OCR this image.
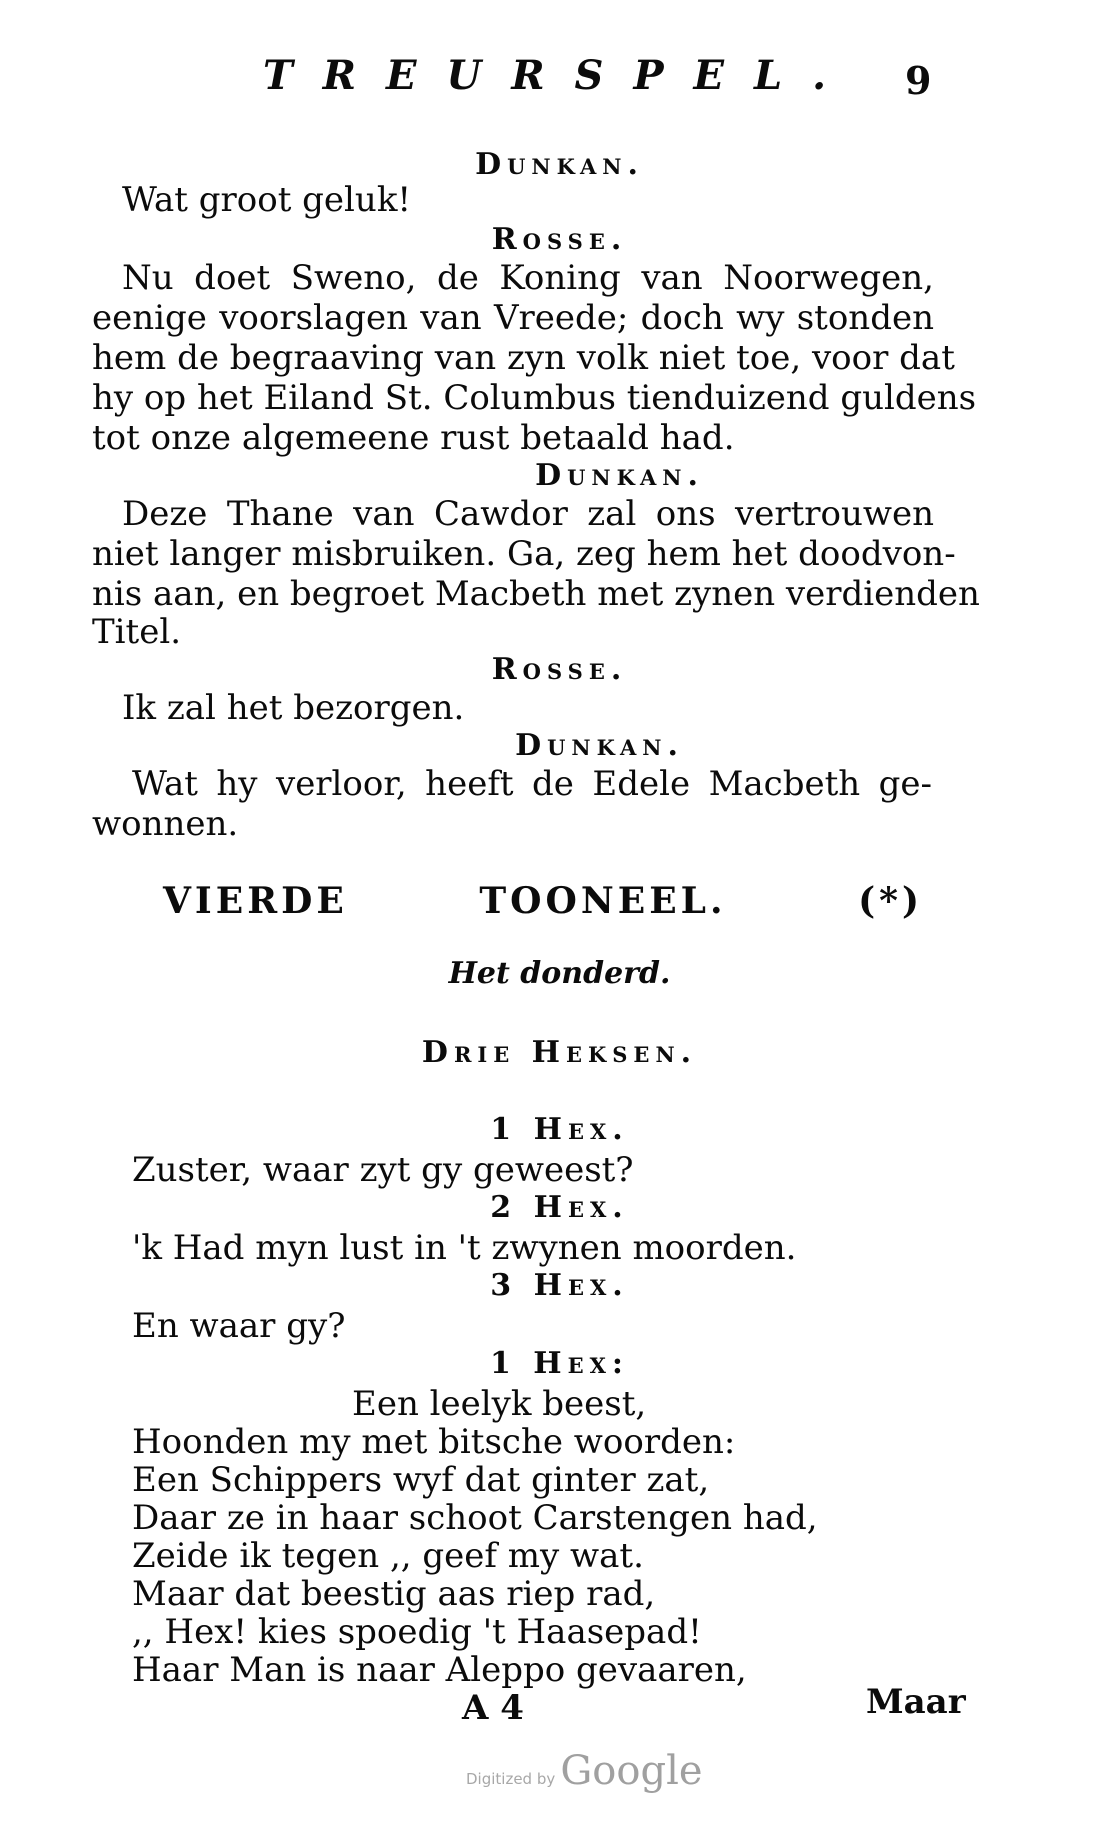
TREURSPEL.	9
Dunkan.
Wat groot geluk!
Rosse.
Nu doet Sweno, de Koning van Noorwegen,
eenige voorslagen van Vreede; doch wy stonden
hem de begraaving van zyn volk niet toe, voor dat
hy op het Eiland St. Columbus tienduizend guldens
tot onze algemeene rust betaald had.
Dunkan.
Deze Thane van Cawdor zal ons vertrouwen
niet langer misbruiken. Ga, zeg hem het doodvon-
nis aan, en begroet Macbeth met zynen verdienden
Titel.
Rosse.
Ik zal het bezorgen.
Dunkan.
Wat hy verloor, heeft de Edele Macbeth ge-
wonnen.
VIERDE TOONEEL. (*)
Het donderd.
Drie Heksen.
1 Hex.
Zuster, waar zyt gy geweest?
2 Hex.
'k Had myn lust in 't zwynen moorden.
3 Hex.
En waar gy?
1 Hex:
Een leelyk beest,
Hoonden my met bitsche woorden:
Een Schippers wyf dat ginter zat,
Daar ze in haar schoot Carstengen had,
Zeide ik tegen ,, geef my wat.
Maar dat beestig aas riep rad,
,, Hex! kies spoedig 't Haasepad!
Haar Man is naar Aleppo gevaaren,
A 4	Maar
Digitized by Google
